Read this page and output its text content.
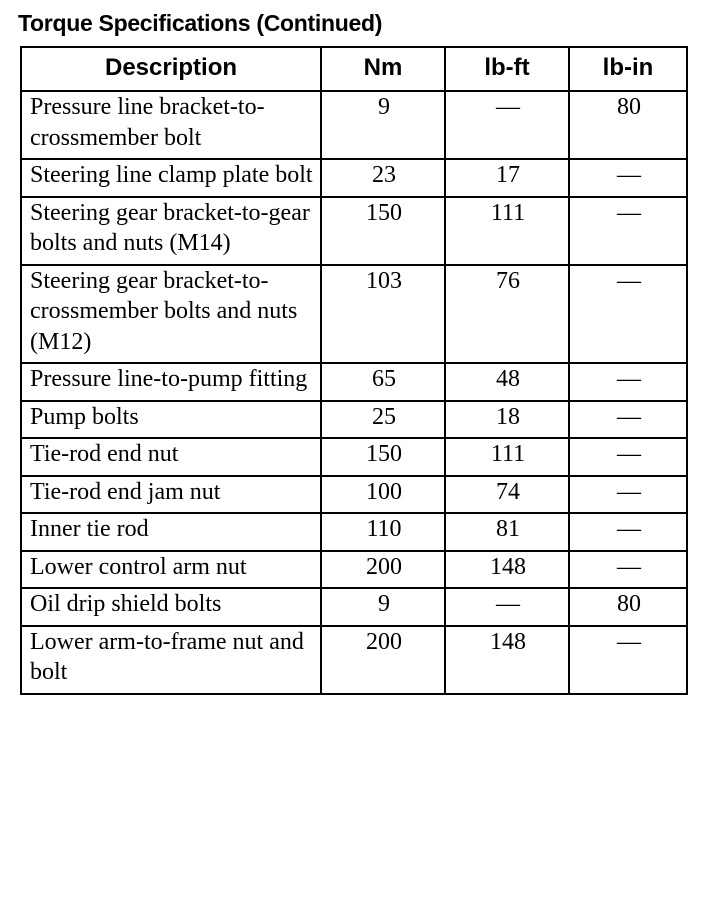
Torque Specifications (Continued)
Description	Nm	lb-ft	lb-in
Pressure line bracket-to-crossmember bolt	9	—	80
Steering line clamp plate bolt	23	17	—
Steering gear bracket-to-gear bolts and nuts (M14)	150	111	—
Steering gear bracket-to-crossmember bolts and nuts (M12)	103	76	—
Pressure line-to-pump fitting	65	48	—
Pump bolts	25	18	—
Tie-rod end nut	150	111	—
Tie-rod end jam nut	100	74	—
Inner tie rod	110	81	—
Lower control arm nut	200	148	—
Oil drip shield bolts	9	—	80
Lower arm-to-frame nut and bolt	200	148	—
